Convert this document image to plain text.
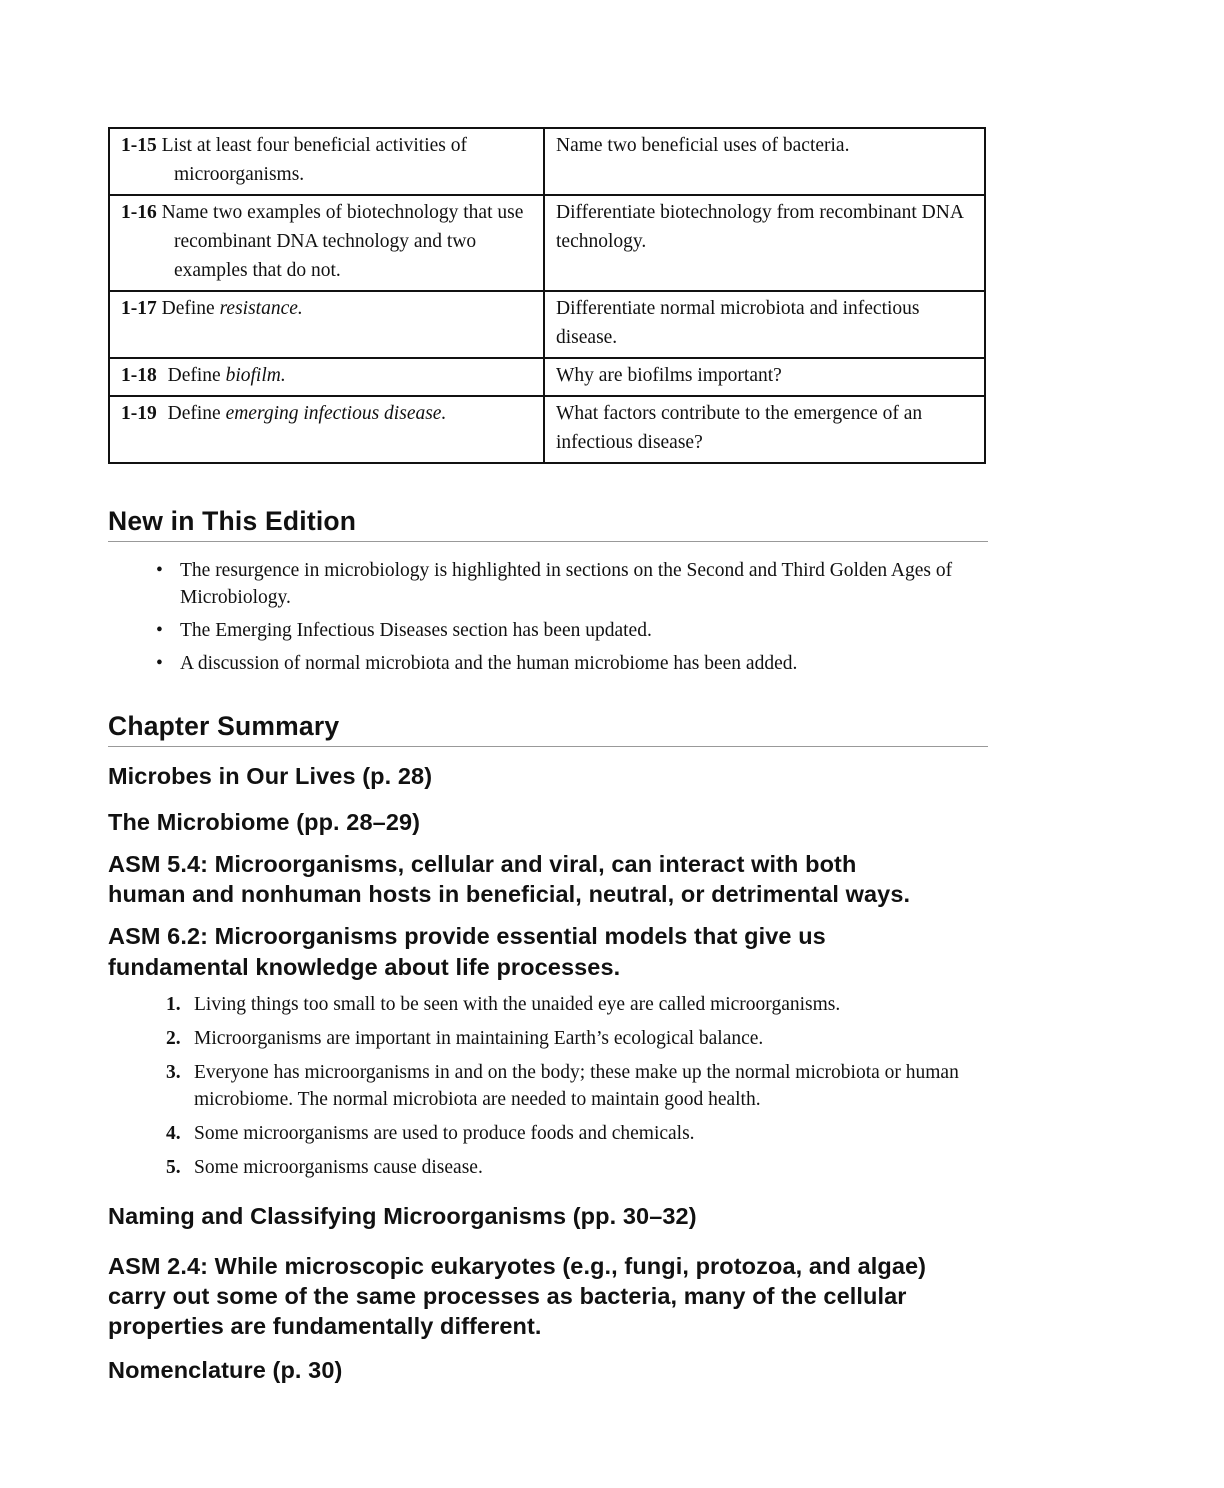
1-15 List at least four beneficial activities of microorganisms.	Name two beneficial uses of bacteria.

1-16 Name two examples of biotechnology that use recombinant DNA technology and two examples that do not.	Differentiate biotechnology from recombinant DNA technology.

1-17 Define resistance.	Differentiate normal microbiota and infectious disease.

1-18 Define biofilm.	Why are biofilms important?

1-19 Define emerging infectious disease.	What factors contribute to the emergence of an infectious disease?
New in This Edition
• The resurgence in microbiology is highlighted in sections on the Second and Third Golden Ages of Microbiology.
• The Emerging Infectious Diseases section has been updated.
• A discussion of normal microbiota and the human microbiome has been added.
Chapter Summary
Microbes in Our Lives (p. 28)
The Microbiome (pp. 28–29)
ASM 5.4: Microorganisms, cellular and viral, can interact with both human and nonhuman hosts in beneficial, neutral, or detrimental ways.
ASM 6.2: Microorganisms provide essential models that give us fundamental knowledge about life processes.
1. Living things too small to be seen with the unaided eye are called microorganisms.
2. Microorganisms are important in maintaining Earth’s ecological balance.
3. Everyone has microorganisms in and on the body; these make up the normal microbiota or human microbiome. The normal microbiota are needed to maintain good health.
4. Some microorganisms are used to produce foods and chemicals.
5. Some microorganisms cause disease.
Naming and Classifying Microorganisms (pp. 30–32)
ASM 2.4: While microscopic eukaryotes (e.g., fungi, protozoa, and algae) carry out some of the same processes as bacteria, many of the cellular properties are fundamentally different.
Nomenclature (p. 30)
